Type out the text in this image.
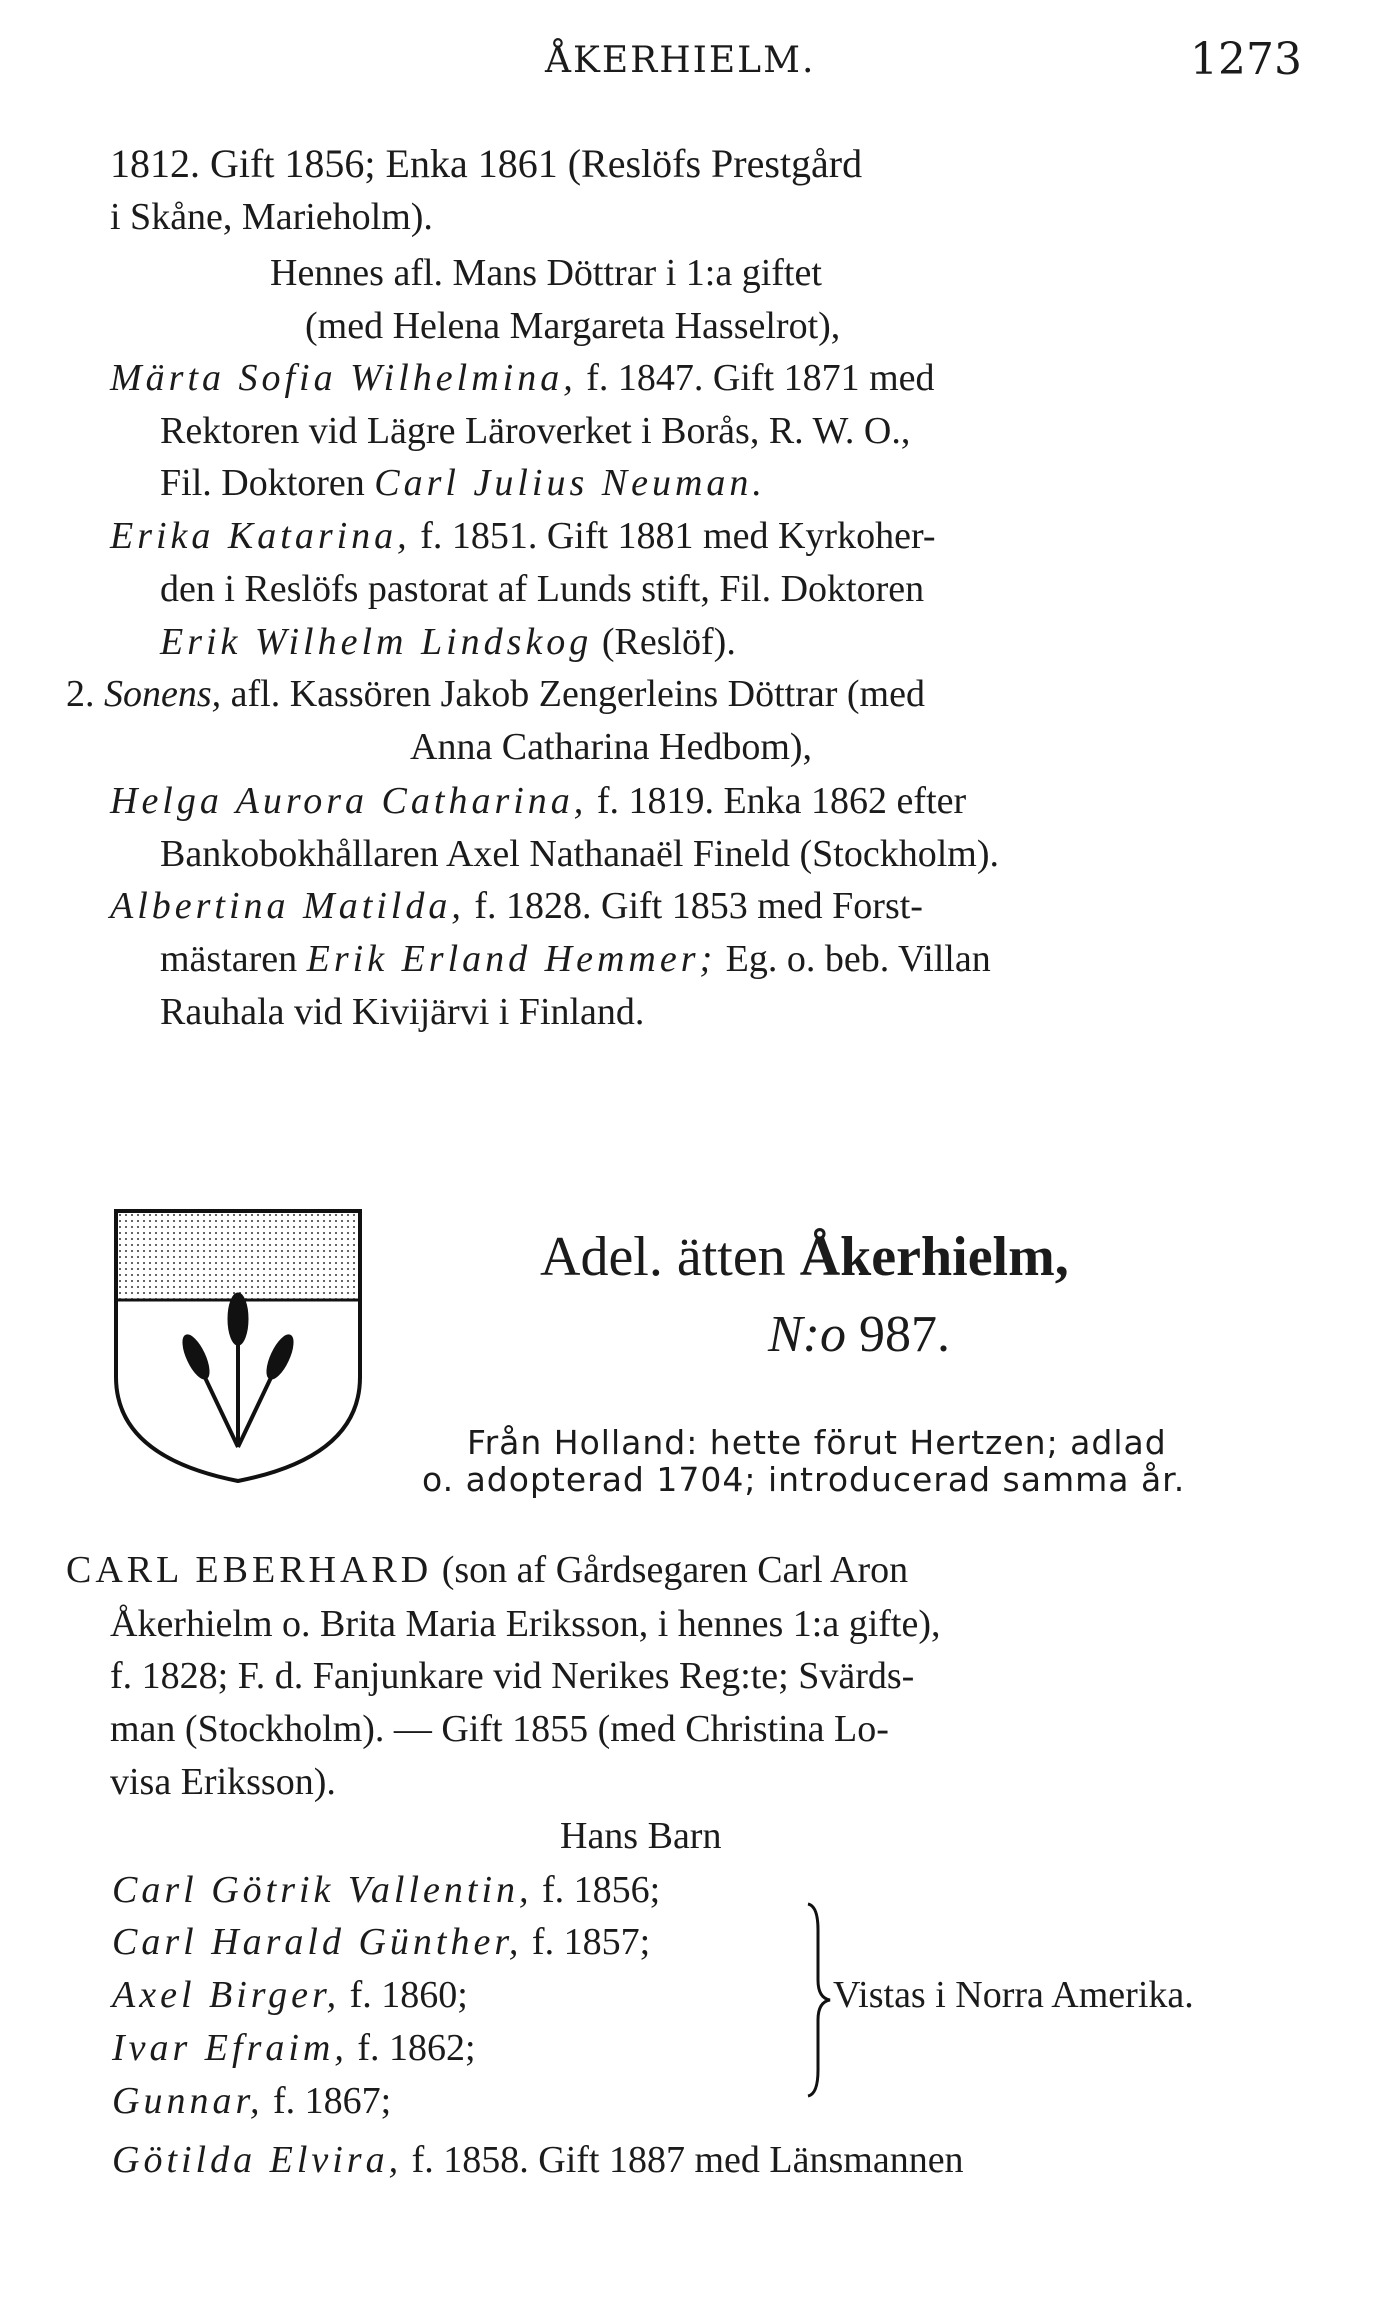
ÅKERHIELM.	1273
1812. Gift 1856; Enka 1861 (Reslöfs Prestgård
i Skåne, Marieholm).
Hennes afl. Mans Döttrar i 1:a giftet
(med Helena Margareta Hasselrot),
Märta Sofia Wilhelmina, f. 1847. Gift 1871 med
Rektoren vid Lägre Läroverket i Borås, R. W. O.,
Fil. Doktoren Carl Julius Neuman.
Erika Katarina, f. 1851. Gift 1881 med Kyrkoher-
den i Reslöfs pastorat af Lunds stift, Fil. Doktoren
Erik Wilhelm Lindskog (Reslöf).
2. Sonens, afl. Kassören Jakob Zengerleins Döttrar (med
Anna Catharina Hedbom),
Helga Aurora Catharina, f. 1819. Enka 1862 efter
Bankobokhållaren Axel Nathanaël Fineld (Stockholm).
Albertina Matilda, f. 1828. Gift 1853 med Forst-
mästaren Erik Erland Hemmer; Eg. o. beb. Villan
Rauhala vid Kivijärvi i Finland.
Adel. ätten Åkerhielm,
N:o 987.
Från Holland: hette förut Hertzen; adlad
o. adopterad 1704; introducerad samma år.
CARL EBERHARD (son af Gårdsegaren Carl Aron
Åkerhielm o. Brita Maria Eriksson, i hennes 1:a gifte),
f. 1828; F. d. Fanjunkare vid Nerikes Reg:te; Svärds-
man (Stockholm). — Gift 1855 (med Christina Lo-
visa Eriksson).
Hans Barn
Carl Götrik Vallentin, f. 1856;
Carl Harald Günther, f. 1857;
Axel Birger, f. 1860;
Ivar Efraim, f. 1862;
Gunnar, f. 1867;
Vistas i Norra Amerika.
Götilda Elvira, f. 1858. Gift 1887 med Länsmannen
